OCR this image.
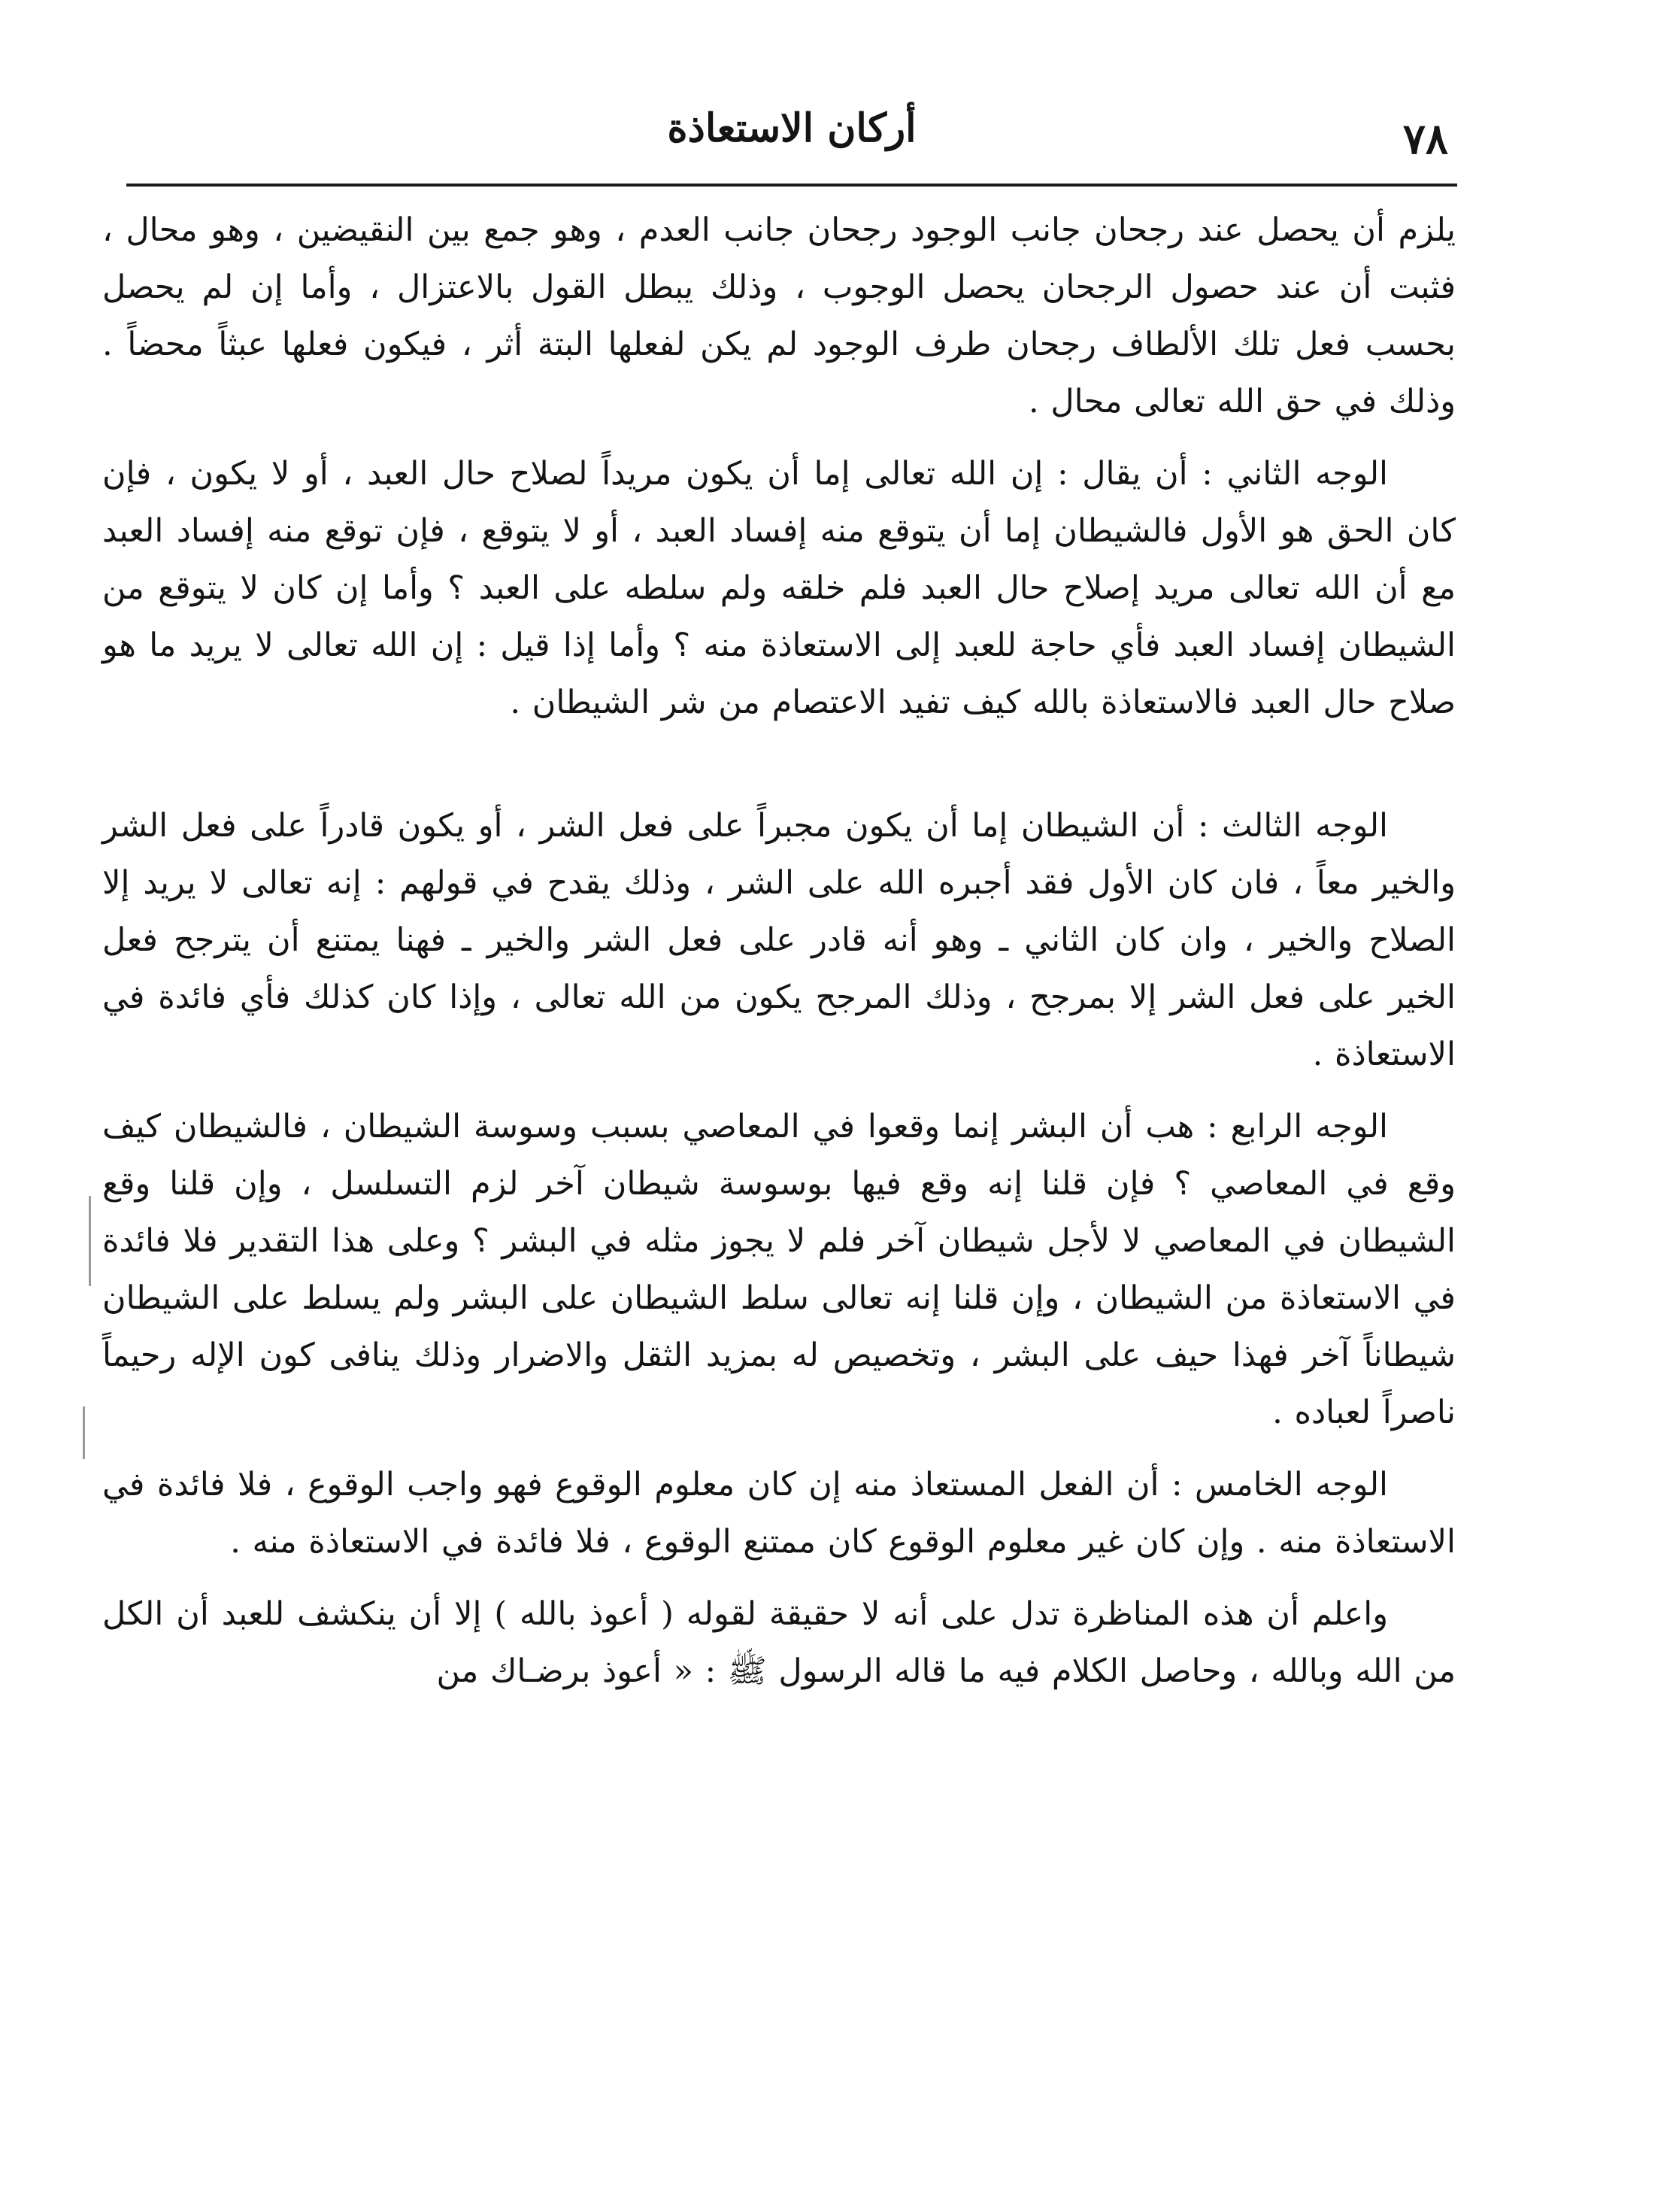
أركان الاستعاذة	٧٨

يلزم أن يحصل عند رجحان جانب الوجود رجحان جانب العدم ، وهو جمع بين النقيضين ، وهو محال ، فثبت أن عند حصول الرجحان يحصل الوجوب ، وذلك يبطل القول بالاعتزال ، وأما إن لم يحصل بحسب فعل تلك الألطاف رجحان طرف الوجود لم يكن لفعلها البتة أثر ، فيكون فعلها عبثاً محضاً . وذلك في حق الله تعالى محال .

الوجه الثاني : أن يقال : إن الله تعالى إما أن يكون مريداً لصلاح حال العبد ، أو لا يكون ، فإن كان الحق هو الأول فالشيطان إما أن يتوقع منه إفساد العبد ، أو لا يتوقع ، فإن توقع منه إفساد العبد مع أن الله تعالى مريد إصلاح حال العبد فلم خلقه ولم سلطه على العبد ؟ وأما إن كان لا يتوقع من الشيطان إفساد العبد فأي حاجة للعبد إلى الاستعاذة منه ؟ وأما إذا قيل : إن الله تعالى لا يريد ما هو صلاح حال العبد فالاستعاذة بالله كيف تفيد الاعتصام من شر الشيطان .

الوجه الثالث : أن الشيطان إما أن يكون مجبراً على فعل الشر ، أو يكون قادراً على فعل الشر والخير معاً ، فان كان الأول فقد أجبره الله على الشر ، وذلك يقدح في قولهم : إنه تعالى لا يريد إلا الصلاح والخير ، وان كان الثاني ـ وهو أنه قادر على فعل الشر والخير ـ فهنا يمتنع أن يترجح فعل الخير على فعل الشر إلا بمرجح ، وذلك المرجح يكون من الله تعالى ، وإذا كان كذلك فأي فائدة في الاستعاذة .

الوجه الرابع : هب أن البشر إنما وقعوا في المعاصي بسبب وسوسة الشيطان ، فالشيطان كيف وقع في المعاصي ؟ فإن قلنا إنه وقع فيها بوسوسة شيطان آخر لزم التسلسل ، وإن قلنا وقع الشيطان في المعاصي لا لأجل شيطان آخر فلم لا يجوز مثله في البشر ؟ وعلى هذا التقدير فلا فائدة في الاستعاذة من الشيطان ، وإن قلنا إنه تعالى سلط الشيطان على البشر ولم يسلط على الشيطان شيطاناً آخر فهذا حيف على البشر ، وتخصيص له بمزيد الثقل والاضرار وذلك ينافى كون الإله رحيماً ناصراً لعباده .

الوجه الخامس : أن الفعل المستعاذ منه إن كان معلوم الوقوع فهو واجب الوقوع ، فلا فائدة في الاستعاذة منه . وإن كان غير معلوم الوقوع كان ممتنع الوقوع ، فلا فائدة في الاستعاذة منه .

واعلم أن هذه المناظرة تدل على أنه لا حقيقة لقوله ( أعوذ بالله ) إلا أن ينكشف للعبد أن الكل من الله وبالله ، وحاصل الكلام فيه ما قاله الرسول ﷺ : « أعوذ برضـاك من
